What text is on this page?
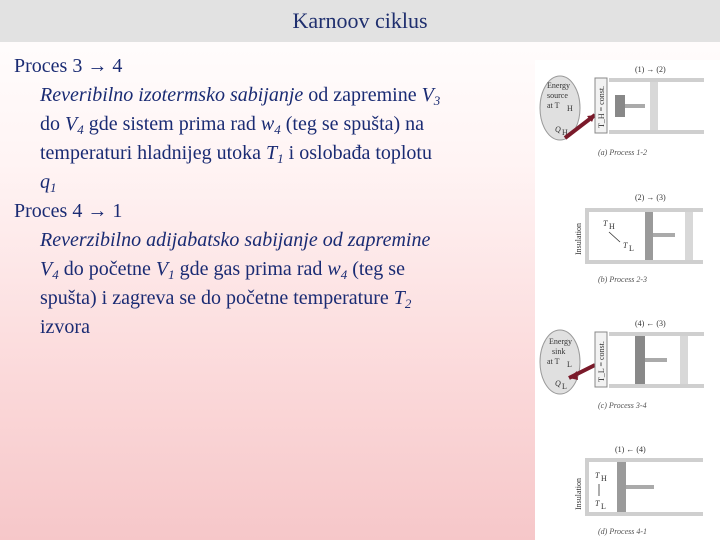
Karnoov ciklus
Proces 3 → 4
Reveribilno izotermsko sabijanje od zapremine $V_3$
do $V_4$ gde sistem prima rad $w_4$ (teg se spušta) na
temperaturi hladnijeg utoka $T_1$ i oslobađa toplotu
$q_1$
Proces 4 → 1
Reverzibilno adijabatsko sabijanje od zapremine
$V_4$ do početne $V_1$ gde gas prima rad $w_4$ (teg se
spušta) i zagreva se do početne temperature $T_2$
izvora
(1) → (2)
Energy
source
at T H
Q H
T_H = const.
(a) Process 1-2
(2) → (3)
Insulation	T H
T L
(b) Process 2-3
(4) ← (3)
Energy
sink
at T L
Q L
T_L = const.
(c) Process 3-4
(1) ← (4)
Insulation
T H
T L
(d) Process 4-1
